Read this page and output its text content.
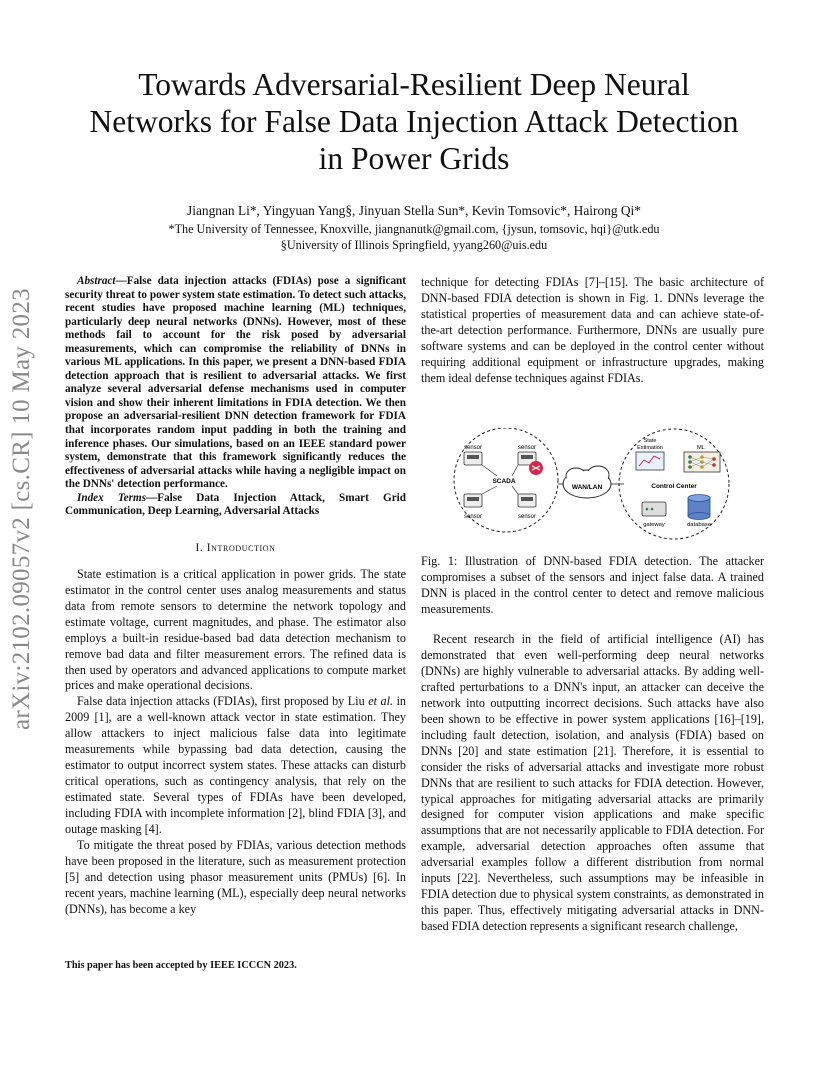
arXiv:2102.09057v2 [cs.CR] 10 May 2023
Towards Adversarial-Resilient Deep Neural
Networks for False Data Injection Attack Detection
in Power Grids
Jiangnan Li*, Yingyuan Yang§, Jinyuan Stella Sun*, Kevin Tomsovic*, Hairong Qi*
*The University of Tennessee, Knoxville, jiangnanutk@gmail.com, {jysun, tomsovic, hqi}@utk.edu
§University of Illinois Springfield, yyang260@uis.edu

Abstract—False data injection attacks (FDIAs) pose a significant security threat to power system state estimation. To detect such attacks, recent studies have proposed machine learning (ML) techniques, particularly deep neural networks (DNNs). However, most of these methods fail to account for the risk posed by adversarial measurements, which can compromise the reliability of DNNs in various ML applications. In this paper, we present a DNN-based FDIA detection approach that is resilient to adversarial attacks. We first analyze several adversarial defense mechanisms used in computer vision and show their inherent limitations in FDIA detection. We then propose an adversarial-resilient DNN detection framework for FDIA that incorporates random input padding in both the training and inference phases. Our simulations, based on an IEEE standard power system, demonstrate that this framework significantly reduces the effectiveness of adversarial attacks while having a negligible impact on the DNNs' detection performance.

Index Terms—False Data Injection Attack, Smart Grid Communication, Deep Learning, Adversarial Attacks

I. Introduction

State estimation is a critical application in power grids. The state estimator in the control center uses analog measurements and status data from remote sensors to determine the network topology and estimate voltage, current magnitudes, and phase. The estimator also employs a built-in residue-based bad data detection mechanism to remove bad data and filter measurement errors. The refined data is then used by operators and advanced applications to compute market prices and make operational decisions.

False data injection attacks (FDIAs), first proposed by Liu et al. in 2009 [1], are a well-known attack vector in state estimation. They allow attackers to inject malicious false data into legitimate measurements while bypassing bad data detection, causing the estimator to output incorrect system states. These attacks can disturb critical operations, such as contingency analysis, that rely on the estimated state. Several types of FDIAs have been developed, including FDIA with incomplete information [2], blind FDIA [3], and outage masking [4].

To mitigate the threat posed by FDIAs, various detection methods have been proposed in the literature, such as measurement protection [5] and detection using phasor measurement units (PMUs) [6]. In recent years, machine learning (ML), especially deep neural networks (DNNs), has become a key

This paper has been accepted by IEEE ICCCN 2023.

technique for detecting FDIAs [7]–[15]. The basic architecture of DNN-based FDIA detection is shown in Fig. 1. DNNs leverage the statistical properties of measurement data and can achieve state-of-the-art detection performance. Furthermore, DNNs are usually pure software systems and can be deployed in the control center without requiring additional equipment or infrastructure upgrades, making them ideal defense techniques against FDIAs.

sensor	sensor
sensor	sensor
SCADA
WAN/LAN
State
Estimation	ML
Control Center
gateway	database
Fig. 1: Illustration of DNN-based FDIA detection. The attacker compromises a subset of the sensors and inject false data. A trained DNN is placed in the control center to detect and remove malicious measurements.

Recent research in the field of artificial intelligence (AI) has demonstrated that even well-performing deep neural networks (DNNs) are highly vulnerable to adversarial attacks. By adding well-crafted perturbations to a DNN's input, an attacker can deceive the network into outputting incorrect decisions. Such attacks have also been shown to be effective in power system applications [16]–[19], including fault detection, isolation, and analysis (FDIA) based on DNNs [20] and state estimation [21]. Therefore, it is essential to consider the risks of adversarial attacks and investigate more robust DNNs that are resilient to such attacks for FDIA detection. However, typical approaches for mitigating adversarial attacks are primarily designed for computer vision applications and make specific assumptions that are not necessarily applicable to FDIA detection. For example, adversarial detection approaches often assume that adversarial examples follow a different distribution from normal inputs [22]. Nevertheless, such assumptions may be infeasible in FDIA detection due to physical system constraints, as demonstrated in this paper. Thus, effectively mitigating adversarial attacks in DNN-based FDIA detection represents a significant research challenge,
